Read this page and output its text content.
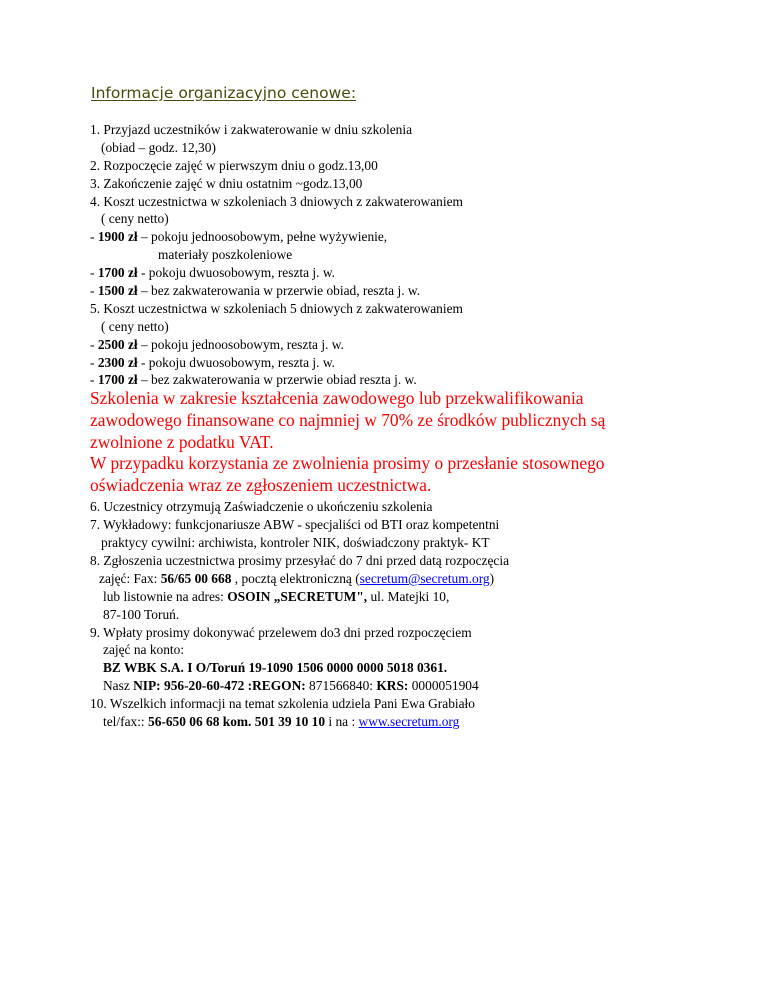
Informacje organizacyjno cenowe:
1. Przyjazd uczestników i zakwaterowanie w dniu szkolenia
(obiad – godz. 12,30)
2. Rozpoczęcie zajęć w pierwszym dniu o godz.13,00
3. Zakończenie zajęć w dniu ostatnim ~godz.13,00
4. Koszt uczestnictwa w szkoleniach 3 dniowych z zakwaterowaniem
( ceny netto)
- 1900 zł – pokoju jednoosobowym, pełne wyżywienie,
materiały poszkoleniowe
- 1700 zł - pokoju dwuosobowym, reszta j. w.
- 1500 zł – bez zakwaterowania w przerwie obiad, reszta j. w.
5. Koszt uczestnictwa w szkoleniach 5 dniowych z zakwaterowaniem
( ceny netto)
- 2500 zł – pokoju jednoosobowym, reszta j. w.
- 2300 zł - pokoju dwuosobowym, reszta j. w.
- 1700 zł – bez zakwaterowania w przerwie obiad reszta j. w.
Szkolenia w zakresie kształcenia zawodowego lub przekwalifikowania
zawodowego finansowane co najmniej w 70% ze środków publicznych są
zwolnione z podatku VAT.
W przypadku korzystania ze zwolnienia prosimy o przesłanie stosownego
oświadczenia wraz ze zgłoszeniem uczestnictwa.
6. Uczestnicy otrzymują Zaświadczenie o ukończeniu szkolenia
7. Wykładowy: funkcjonariusze ABW - specjaliści od BTI oraz kompetentni
praktycy cywilni: archiwista, kontroler NIK, doświadczony praktyk- KT
8. Zgłoszenia uczestnictwa prosimy przesyłać do 7 dni przed datą rozpoczęcia
zajęć: Fax: 56/65 00 668 , pocztą elektroniczną (secretum@secretum.org)
lub listownie na adres: OSOIN „SECRETUM", ul. Matejki 10,
87-100 Toruń.
9. Wpłaty prosimy dokonywać przelewem do3 dni przed rozpoczęciem
zajęć na konto:
BZ WBK S.A. I O/Toruń 19-1090 1506 0000 0000 5018 0361.
Nasz NIP: 956-20-60-472 :REGON: 871566840: KRS: 0000051904
10. Wszelkich informacji na temat szkolenia udziela Pani Ewa Grabiało
tel/fax:: 56-650 06 68 kom. 501 39 10 10 i na : www.secretum.org
